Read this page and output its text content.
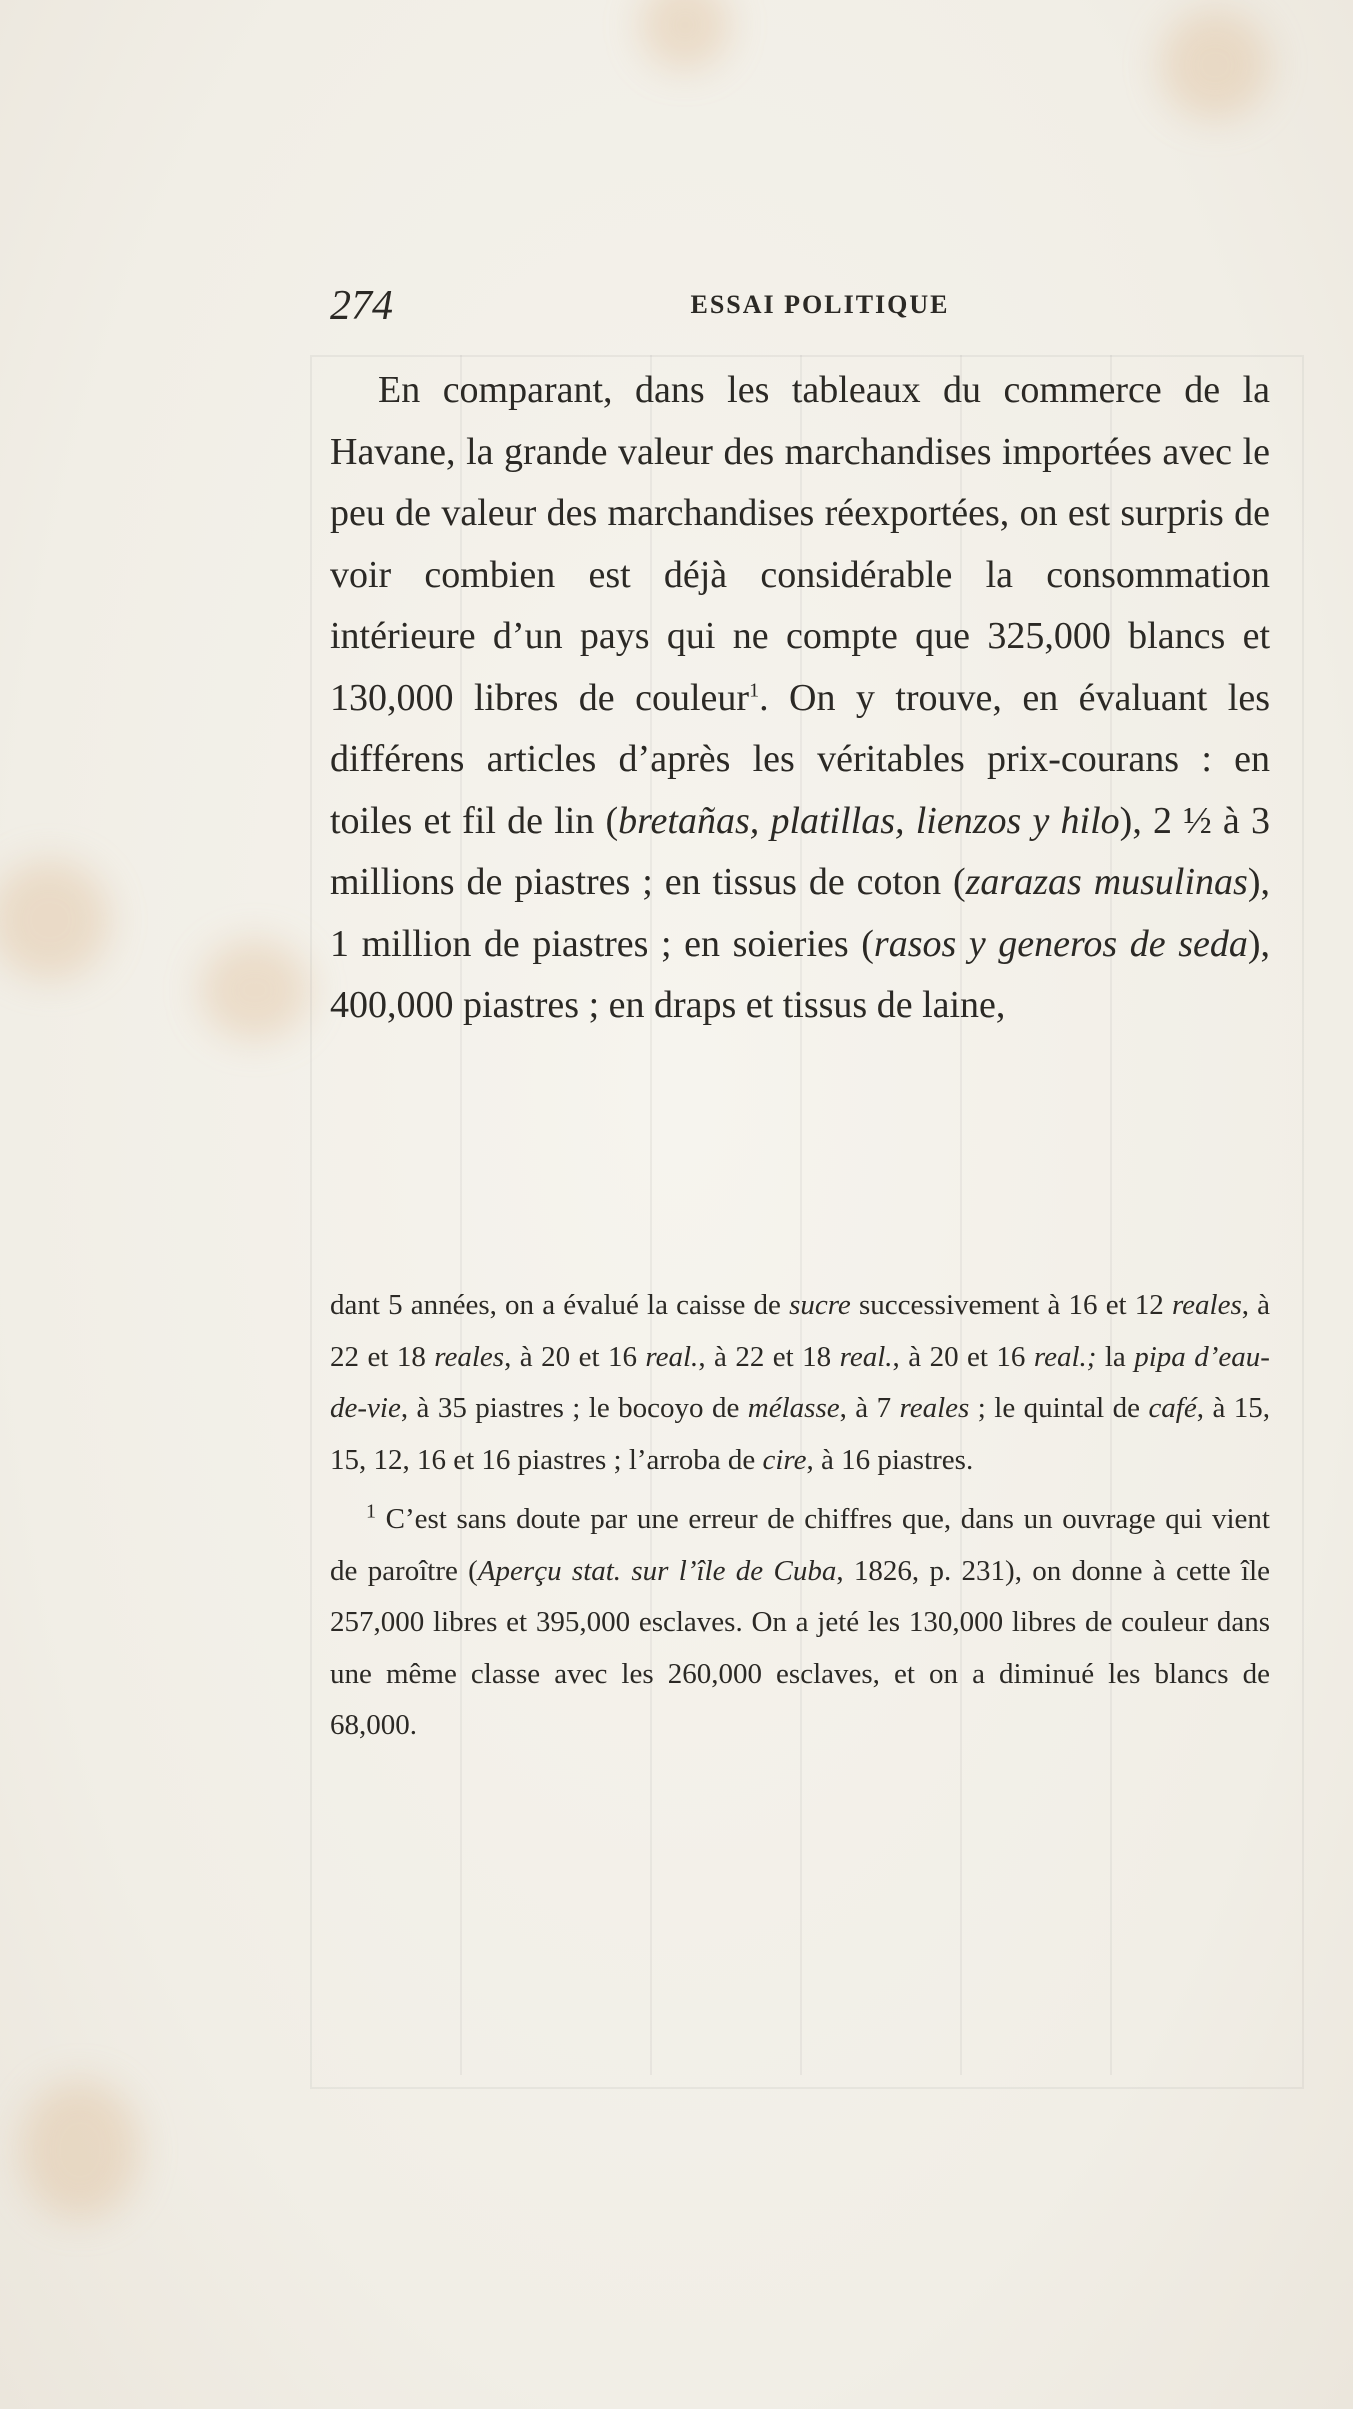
274	ESSAI POLITIQUE

En comparant, dans les tableaux du commerce de la Havane, la grande valeur des marchandises importées avec le peu de valeur des marchandises réexportées, on est surpris de voir combien est déjà considérable la consommation intérieure d’un pays qui ne compte que 325,000 blancs et 130,000 libres de couleur$^1$. On y trouve, en évaluant les différens articles d’après les véritables prix-courans : en toiles et fil de lin (bretañas, platillas, lienzos y hilo), 2 ½ à 3 millions de piastres ; en tissus de coton (zarazas musulinas), 1 million de piastres ; en soieries (rasos y generos de seda), 400,000 piastres ; en draps et tissus de laine,

dant 5 années, on a évalué la caisse de sucre successivement à 16 et 12 reales, à 22 et 18 reales, à 20 et 16 real., à 22 et 18 real., à 20 et 16 real.; la pipa d’eau-de-vie, à 35 piastres ; le bocoyo de mélasse, à 7 reales ; le quintal de café, à 15, 15, 12, 16 et 16 piastres ; l’arroba de cire, à 16 piastres.

$^1$ C’est sans doute par une erreur de chiffres que, dans un ouvrage qui vient de paroître (Aperçu stat. sur l’île de Cuba, 1826, p. 231), on donne à cette île 257,000 libres et 395,000 esclaves. On a jeté les 130,000 libres de couleur dans une même classe avec les 260,000 esclaves, et on a diminué les blancs de 68,000.
